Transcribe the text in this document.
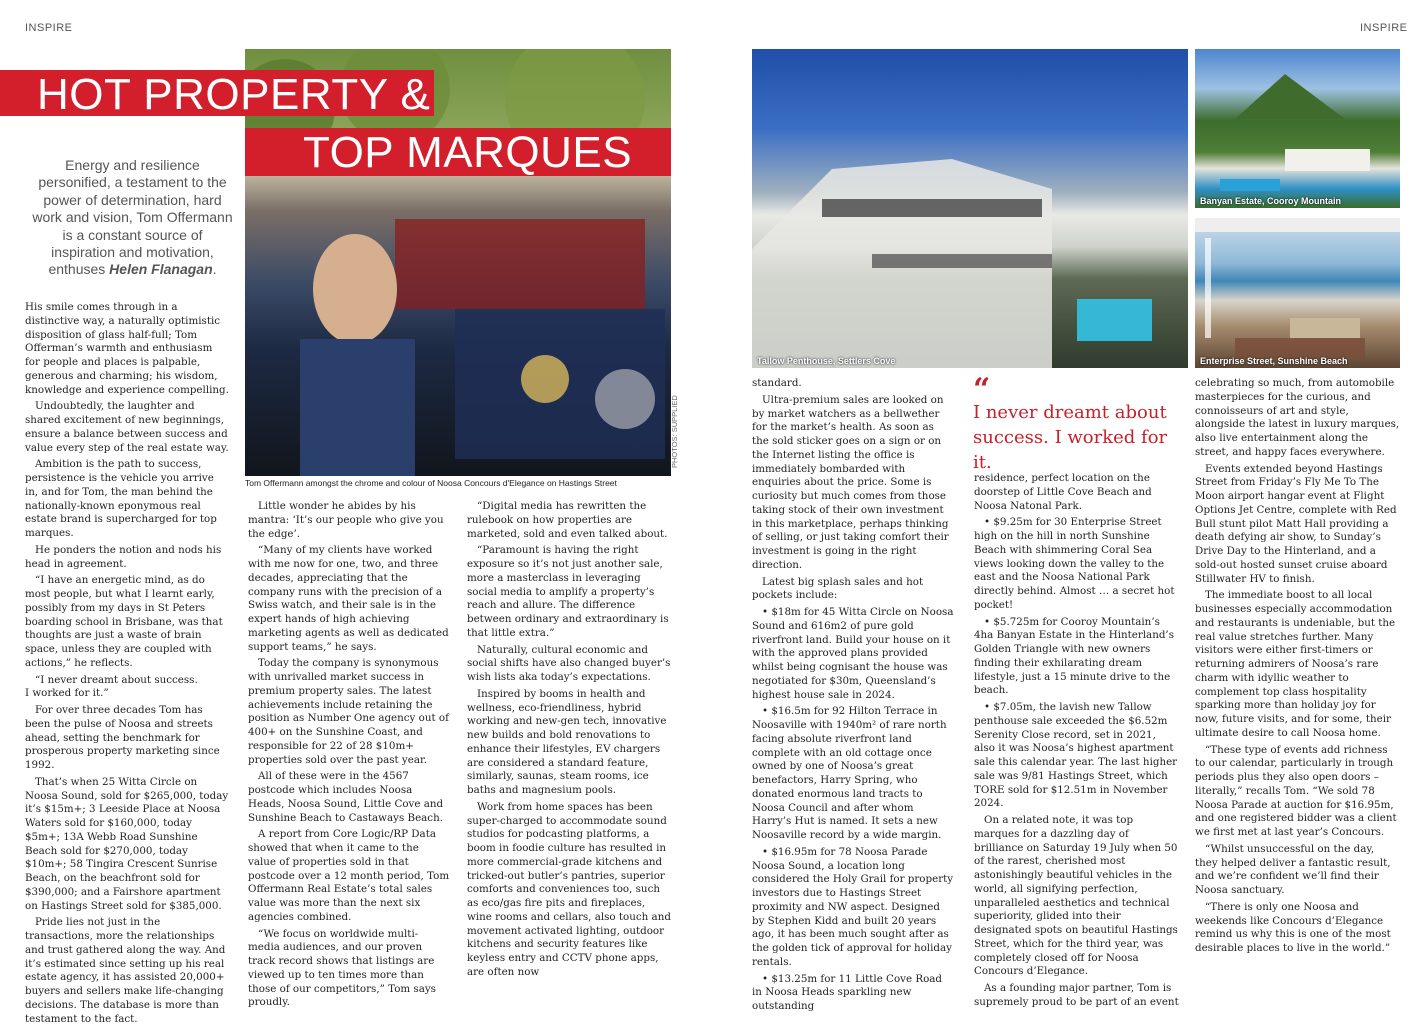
INSPIRE	INSPIRE
PHOTOS: SUPPLIED
Tom Offermann amongst the chrome and colour of Noosa Concours d'Elegance on Hastings Street
HOT PROPERTY &
TOP MARQUES
Energy and resilience personified, a testament to the power of determination, hard work and vision, Tom Offermann is a constant source of inspiration and motivation, enthuses Helen Flanagan.

His smile comes through in a distinctive way, a naturally optimistic disposition of glass half-full; Tom Offerman’s warmth and enthusiasm for people and places is palpable, generous and charming; his wisdom, knowledge and experience compelling.

Undoubtedly, the laughter and shared excitement of new beginnings, ensure a balance between success and value every step of the real estate way.

Ambition is the path to success, persistence is the vehicle you arrive in, and for Tom, the man behind the nationally-known eponymous real estate brand is supercharged for top marques.

He ponders the notion and nods his head in agreement.

“I have an energetic mind, as do most people, but what I learnt early, possibly from my days in St Peters boarding school in Brisbane, was that thoughts are just a waste of brain space, unless they are coupled with actions,” he reflects.

“I never dreamt about success.

I worked for it.”

For over three decades Tom has been the pulse of Noosa and streets ahead, setting the benchmark for prosperous property marketing since 1992.

That’s when 25 Witta Circle on Noosa Sound, sold for $265,000, today it’s $15m+; 3 Leeside Place at Noosa Waters sold for $160,000, today $5m+; 13A Webb Road Sunshine Beach sold for $270,000, today $10m+; 58 Tingira Crescent Sunrise Beach, on the beachfront sold for $390,000; and a Fairshore apartment on Hastings Street sold for $385,000.

Pride lies not just in the transactions, more the relationships and trust gathered along the way. And it’s estimated since setting up his real estate agency, it has assisted 20,000+ buyers and sellers make life-changing decisions. The database is more than testament to the fact.

Little wonder he abides by his mantra: ‘It’s our people who give you the edge’.

“Many of my clients have worked with me now for one, two, and three decades, appreciating that the company runs with the precision of a Swiss watch, and their sale is in the expert hands of high achieving marketing agents as well as dedicated support teams,” he says.

Today the company is synonymous with unrivalled market success in premium property sales. The latest achievements include retaining the position as Number One agency out of 400+ on the Sunshine Coast, and responsible for 22 of 28 $10m+ properties sold over the past year.

All of these were in the 4567 postcode which includes Noosa Heads, Noosa Sound, Little Cove and Sunshine Beach to Castaways Beach.

A report from Core Logic/RP Data showed that when it came to the value of properties sold in that postcode over a 12 month period, Tom Offermann Real Estate’s total sales value was more than the next six agencies combined.

“We focus on worldwide multi-media audiences, and our proven track record shows that listings are viewed up to ten times more than those of our competitors,” Tom says proudly.

“Digital media has rewritten the rulebook on how properties are marketed, sold and even talked about.

“Paramount is having the right exposure so it’s not just another sale, more a masterclass in leveraging social media to amplify a property’s reach and allure. The difference between ordinary and extraordinary is that little extra.”

Naturally, cultural economic and social shifts have also changed buyer’s wish lists aka today’s expectations.

Inspired by booms in health and wellness, eco-friendliness, hybrid working and new-gen tech, innovative new builds and bold renovations to enhance their lifestyles, EV chargers are considered a standard feature, similarly, saunas, steam rooms, ice baths and magnesium pools.

Work from home spaces has been super-charged to accommodate sound studios for podcasting platforms, a boom in foodie culture has resulted in more commercial-grade kitchens and tricked-out butler’s pantries, superior comforts and conveniences too, such as eco/gas fire pits and fireplaces, wine rooms and cellars, also touch and movement activated lighting, outdoor kitchens and security features like keyless entry and CCTV phone apps, are often now

Tallow Penthouse, Settlers Cove
Banyan Estate, Cooroy Mountain
Enterprise Street, Sunshine Beach

standard.

Ultra-premium sales are looked on by market watchers as a bellwether for the market’s health. As soon as the sold sticker goes on a sign or on the Internet listing the office is immediately bombarded with enquiries about the price. Some is curiosity but much comes from those taking stock of their own investment in this marketplace, perhaps thinking of selling, or just taking comfort their investment is going in the right direction.

Latest big splash sales and hot pockets include:

• $18m for 45 Witta Circle on Noosa Sound and 616m2 of pure gold riverfront land. Build your house on it with the approved plans provided whilst being cognisant the house was negotiated for $30m, Queensland’s highest house sale in 2024.

• $16.5m for 92 Hilton Terrace in Noosaville with 1940m² of rare north facing absolute riverfront land complete with an old cottage once owned by one of Noosa’s great benefactors, Harry Spring, who donated enormous land tracts to Noosa Council and after whom Harry’s Hut is named. It sets a new Noosaville record by a wide margin.

• $16.95m for 78 Noosa Parade Noosa Sound, a location long considered the Holy Grail for property investors due to Hastings Street proximity and NW aspect. Designed by Stephen Kidd and built 20 years ago, it has been much sought after as the golden tick of approval for holiday rentals.

• $13.25m for 11 Little Cove Road in Noosa Heads sparkling new outstanding

“
I never dreamt about success. I worked for it.

residence, perfect location on the doorstep of Little Cove Beach and Noosa Natonal Park.

• $9.25m for 30 Enterprise Street high on the hill in north Sunshine Beach with shimmering Coral Sea views looking down the valley to the east and the Noosa National Park directly behind. Almost … a secret hot pocket!

• $5.725m for Cooroy Mountain’s 4ha Banyan Estate in the Hinterland’s Golden Triangle with new owners finding their exhilarating dream lifestyle, just a 15 minute drive to the beach.

• $7.05m, the lavish new Tallow penthouse sale exceeded the $6.52m Serenity Close record, set in 2021, also it was Noosa’s highest apartment sale this calendar year. The last higher sale was 9/81 Hastings Street, which TORE sold for $12.51m in November 2024.

On a related note, it was top marques for a dazzling day of brilliance on Saturday 19 July when 50 of the rarest, cherished most astonishingly beautiful vehicles in the world, all signifying perfection, unparalleled aesthetics and technical superiority, glided into their designated spots on beautiful Hastings Street, which for the third year, was completely closed off for Noosa Concours d’Elegance.

As a founding major partner, Tom is supremely proud to be part of an event

celebrating so much, from automobile masterpieces for the curious, and connoisseurs of art and style, alongside the latest in luxury marques, also live entertainment along the street, and happy faces everywhere.

Events extended beyond Hastings Street from Friday’s Fly Me To The Moon airport hangar event at Flight Options Jet Centre, complete with Red Bull stunt pilot Matt Hall providing a death defying air show, to Sunday’s Drive Day to the Hinterland, and a sold-out hosted sunset cruise aboard Stillwater HV to finish.

The immediate boost to all local businesses especially accommodation and restaurants is undeniable, but the real value stretches further. Many visitors were either first-timers or returning admirers of Noosa’s rare charm with idyllic weather to complement top class hospitality sparking more than holiday joy for now, future visits, and for some, their ultimate desire to call Noosa home.

“These type of events add richness to our calendar, particularly in trough periods plus they also open doors – literally,” recalls Tom. “We sold 78 Noosa Parade at auction for $16.95m, and one registered bidder was a client we first met at last year’s Concours.

“Whilst unsuccessful on the day, they helped deliver a fantastic result, and we’re confident we’ll find their Noosa sanctuary.

“There is only one Noosa and weekends like Concours d’Elegance remind us why this is one of the most desirable places to live in the world.”
